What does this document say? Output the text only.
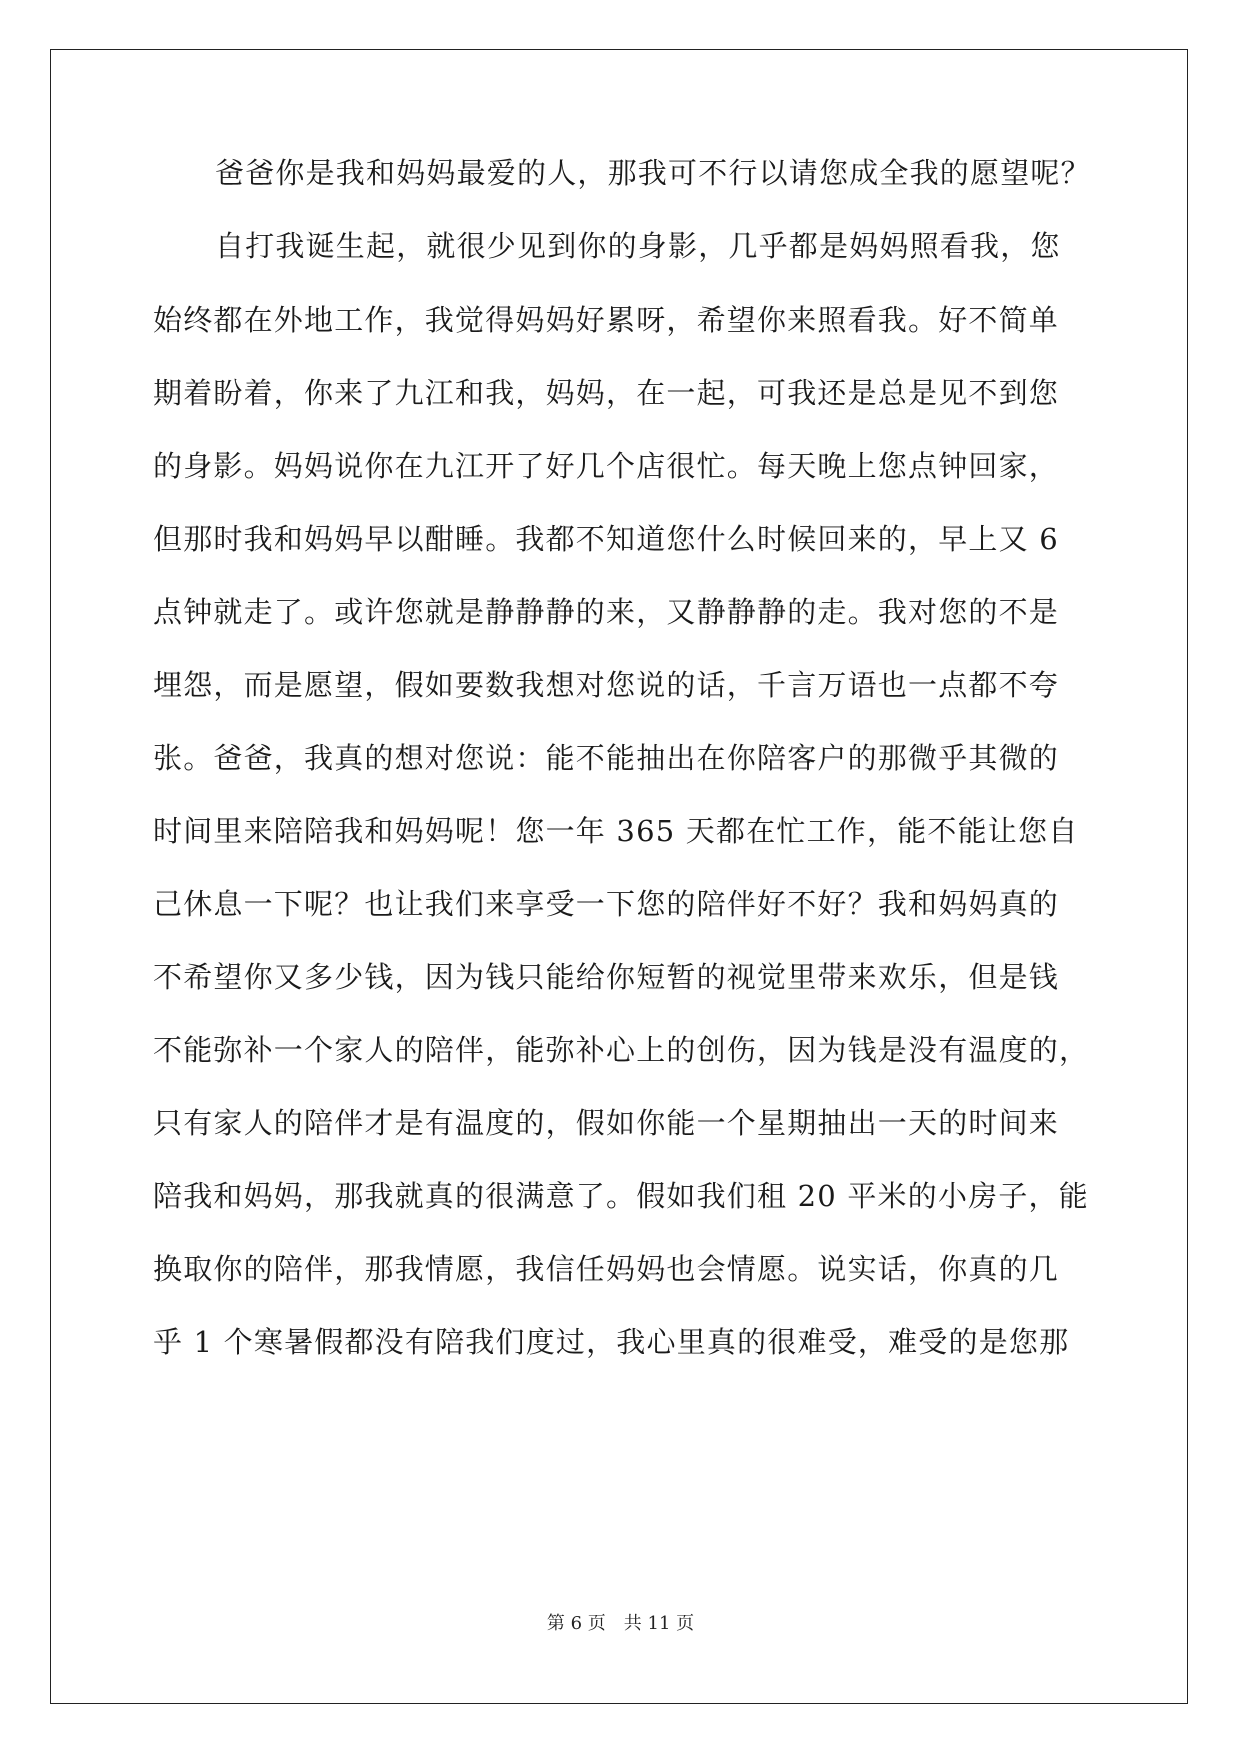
爸爸你是我和妈妈最爱的人，那我可不行以请您成全我的愿望呢？
自打我诞生起，就很少见到你的身影，几乎都是妈妈照看我，您
始终都在外地工作，我觉得妈妈好累呀，希望你来照看我。好不简单
期着盼着，你来了九江和我，妈妈，在一起，可我还是总是见不到您
的身影。妈妈说你在九江开了好几个店很忙。每天晚上您点钟回家，
但那时我和妈妈早以酣睡。我都不知道您什么时候回来的，早上又 6
点钟就走了。或许您就是静静静的来，又静静静的走。我对您的不是
埋怨，而是愿望，假如要数我想对您说的话，千言万语也一点都不夸
张。爸爸，我真的想对您说：能不能抽出在你陪客户的那微乎其微的
时间里来陪陪我和妈妈呢！您一年 365 天都在忙工作，能不能让您自
己休息一下呢？也让我们来享受一下您的陪伴好不好？我和妈妈真的
不希望你又多少钱，因为钱只能给你短暂的视觉里带来欢乐，但是钱
不能弥补一个家人的陪伴，能弥补心上的创伤，因为钱是没有温度的，
只有家人的陪伴才是有温度的，假如你能一个星期抽出一天的时间来
陪我和妈妈，那我就真的很满意了。假如我们租 20 平米的小房子，能
换取你的陪伴，那我情愿，我信任妈妈也会情愿。说实话，你真的几
乎 1 个寒暑假都没有陪我们度过，我心里真的很难受，难受的是您那
第 6 页　共 11 页
